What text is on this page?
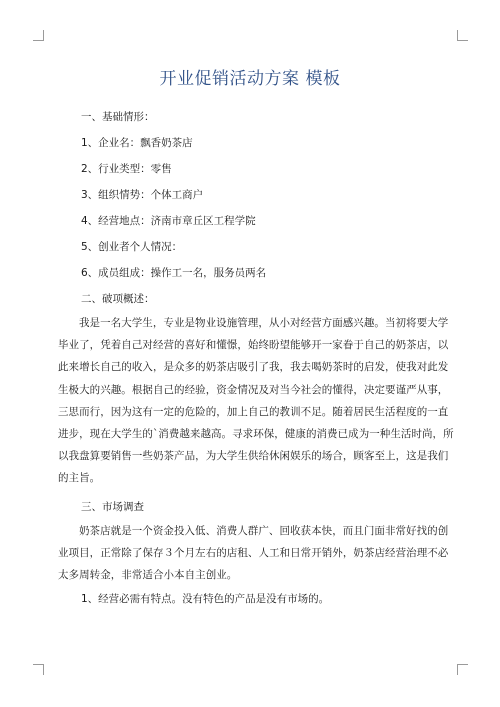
开业促销活动方案 模板
一、基础情形：
1、企业名：飘香奶茶店
2、行业类型：零售
3、组织情势：个体工商户
4、经营地点：济南市章丘区工程学院
5、创业者个人情况：
6、成员组成：操作工一名，服务员两名
二、破项概述：
我是一名大学生，专业是物业设施管理，从小对经营方面感兴趣。当初将要大学
毕业了，凭着自己对经营的喜好和懂憬，始终盼望能够开一家眷于自己的奶茶店，以
此来增长自己的收入，是众多的奶茶店吸引了我，我去喝奶茶时的启发，使我对此发
生极大的兴趣。根据自己的经验，资金情况及对当今社会的懂得，决定要谨严从事，
三思而行，因为这有一定的危险的，加上自己的教训不足。随着居民生活程度的一直
进步，现在大学生的`消费越来越高。寻求环保，健康的消费已成为一种生活时尚，所
以我盘算要销售一些奶茶产品，为大学生供给休闲娱乐的场合，顾客至上，这是我们
的主旨。
三、市场调查
奶茶店就是一个资金投入低、消费人群广、回收获本快，而且门面非常好找的创
业项目，正常除了保存３个月左右的店租、人工和日常开销外，奶茶店经营治理不必
太多周转金，非常适合小本自主创业。
1、经营必需有特点。没有特色的产品是没有市场的。
